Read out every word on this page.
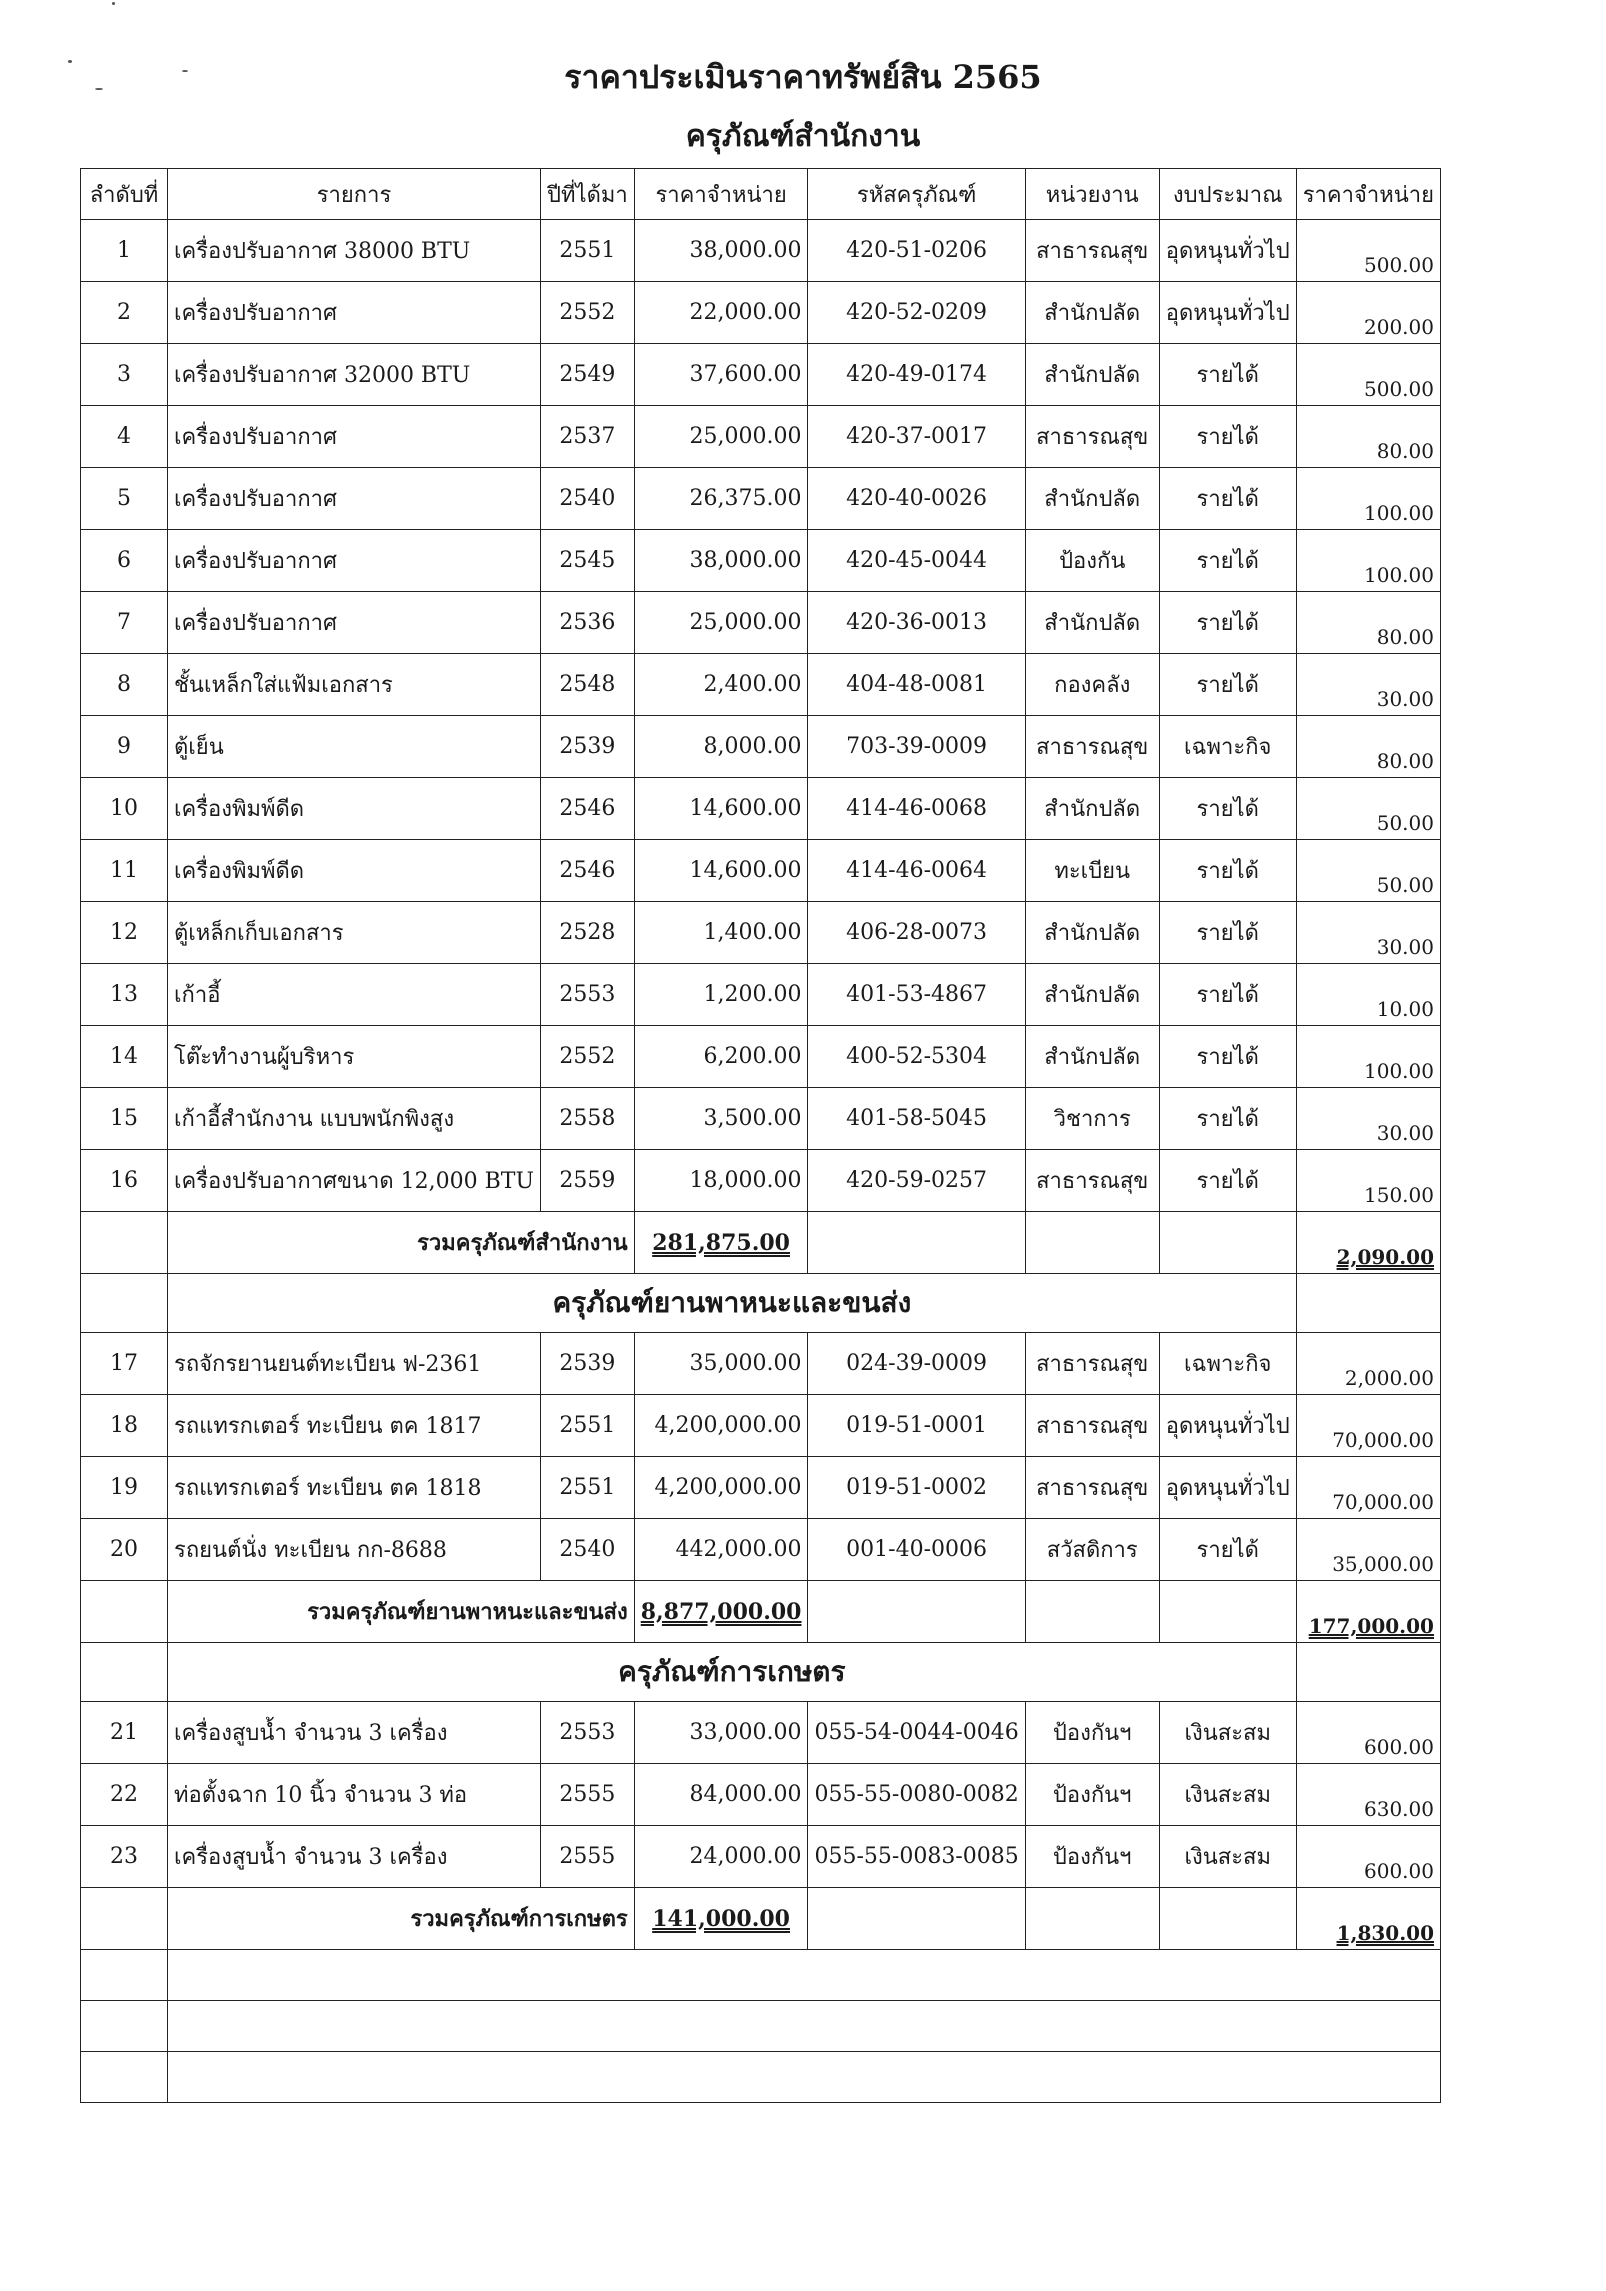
ราคาประเมินราคาทรัพย์สิน 2565
ครุภัณฑ์สำนักงาน
ลำดับที่	รายการ	ปีที่ได้มา	ราคาจำหน่าย	รหัสครุภัณฑ์	หน่วยงาน	งบประมาณ	ราคาจำหน่าย
1	เครื่องปรับอากาศ 38000 BTU	2551	38,000.00	420-51-0206	สาธารณสุข	อุดหนุนทั่วไป	500.00
2	เครื่องปรับอากาศ	2552	22,000.00	420-52-0209	สำนักปลัด	อุดหนุนทั่วไป	200.00
3	เครื่องปรับอากาศ 32000 BTU	2549	37,600.00	420-49-0174	สำนักปลัด	รายได้	500.00
4	เครื่องปรับอากาศ	2537	25,000.00	420-37-0017	สาธารณสุข	รายได้	80.00
5	เครื่องปรับอากาศ	2540	26,375.00	420-40-0026	สำนักปลัด	รายได้	100.00
6	เครื่องปรับอากาศ	2545	38,000.00	420-45-0044	ป้องกัน	รายได้	100.00
7	เครื่องปรับอากาศ	2536	25,000.00	420-36-0013	สำนักปลัด	รายได้	80.00
8	ชั้นเหล็กใส่แฟ้มเอกสาร	2548	2,400.00	404-48-0081	กองคลัง	รายได้	30.00
9	ตู้เย็น	2539	8,000.00	703-39-0009	สาธารณสุข	เฉพาะกิจ	80.00
10	เครื่องพิมพ์ดีด	2546	14,600.00	414-46-0068	สำนักปลัด	รายได้	50.00
11	เครื่องพิมพ์ดีด	2546	14,600.00	414-46-0064	ทะเบียน	รายได้	50.00
12	ตู้เหล็กเก็บเอกสาร	2528	1,400.00	406-28-0073	สำนักปลัด	รายได้	30.00
13	เก้าอี้	2553	1,200.00	401-53-4867	สำนักปลัด	รายได้	10.00
14	โต๊ะทำงานผู้บริหาร	2552	6,200.00	400-52-5304	สำนักปลัด	รายได้	100.00
15	เก้าอี้สำนักงาน แบบพนักพิงสูง	2558	3,500.00	401-58-5045	วิชาการ	รายได้	30.00
16	เครื่องปรับอากาศขนาด 12,000 BTU	2559	18,000.00	420-59-0257	สาธารณสุข	รายได้	150.00
	รวมครุภัณฑ์สำนักงาน		281,875.00				2,090.00
	ครุภัณฑ์ยานพาหนะและขนส่ง						
17	รถจักรยานยนต์ทะเบียน ฟ-2361	2539	35,000.00	024-39-0009	สาธารณสุข	เฉพาะกิจ	2,000.00
18	รถแทรกเตอร์ ทะเบียน ตค 1817	2551	4,200,000.00	019-51-0001	สาธารณสุข	อุดหนุนทั่วไป	70,000.00
19	รถแทรกเตอร์ ทะเบียน ตค 1818	2551	4,200,000.00	019-51-0002	สาธารณสุข	อุดหนุนทั่วไป	70,000.00
20	รถยนต์นั่ง ทะเบียน กก-8688	2540	442,000.00	001-40-0006	สวัสดิการ	รายได้	35,000.00
	รวมครุภัณฑ์ยานพาหนะและขนส่ง		8,877,000.00				177,000.00
	ครุภัณฑ์การเกษตร						
21	เครื่องสูบน้ำ จำนวน 3 เครื่อง	2553	33,000.00	055-54-0044-0046	ป้องกันฯ	เงินสะสม	600.00
22	ท่อตั้งฉาก 10 นิ้ว จำนวน 3 ท่อ	2555	84,000.00	055-55-0080-0082	ป้องกันฯ	เงินสะสม	630.00
23	เครื่องสูบน้ำ จำนวน 3 เครื่อง	2555	24,000.00	055-55-0083-0085	ป้องกันฯ	เงินสะสม	600.00
	รวมครุภัณฑ์การเกษตร		141,000.00				1,830.00
